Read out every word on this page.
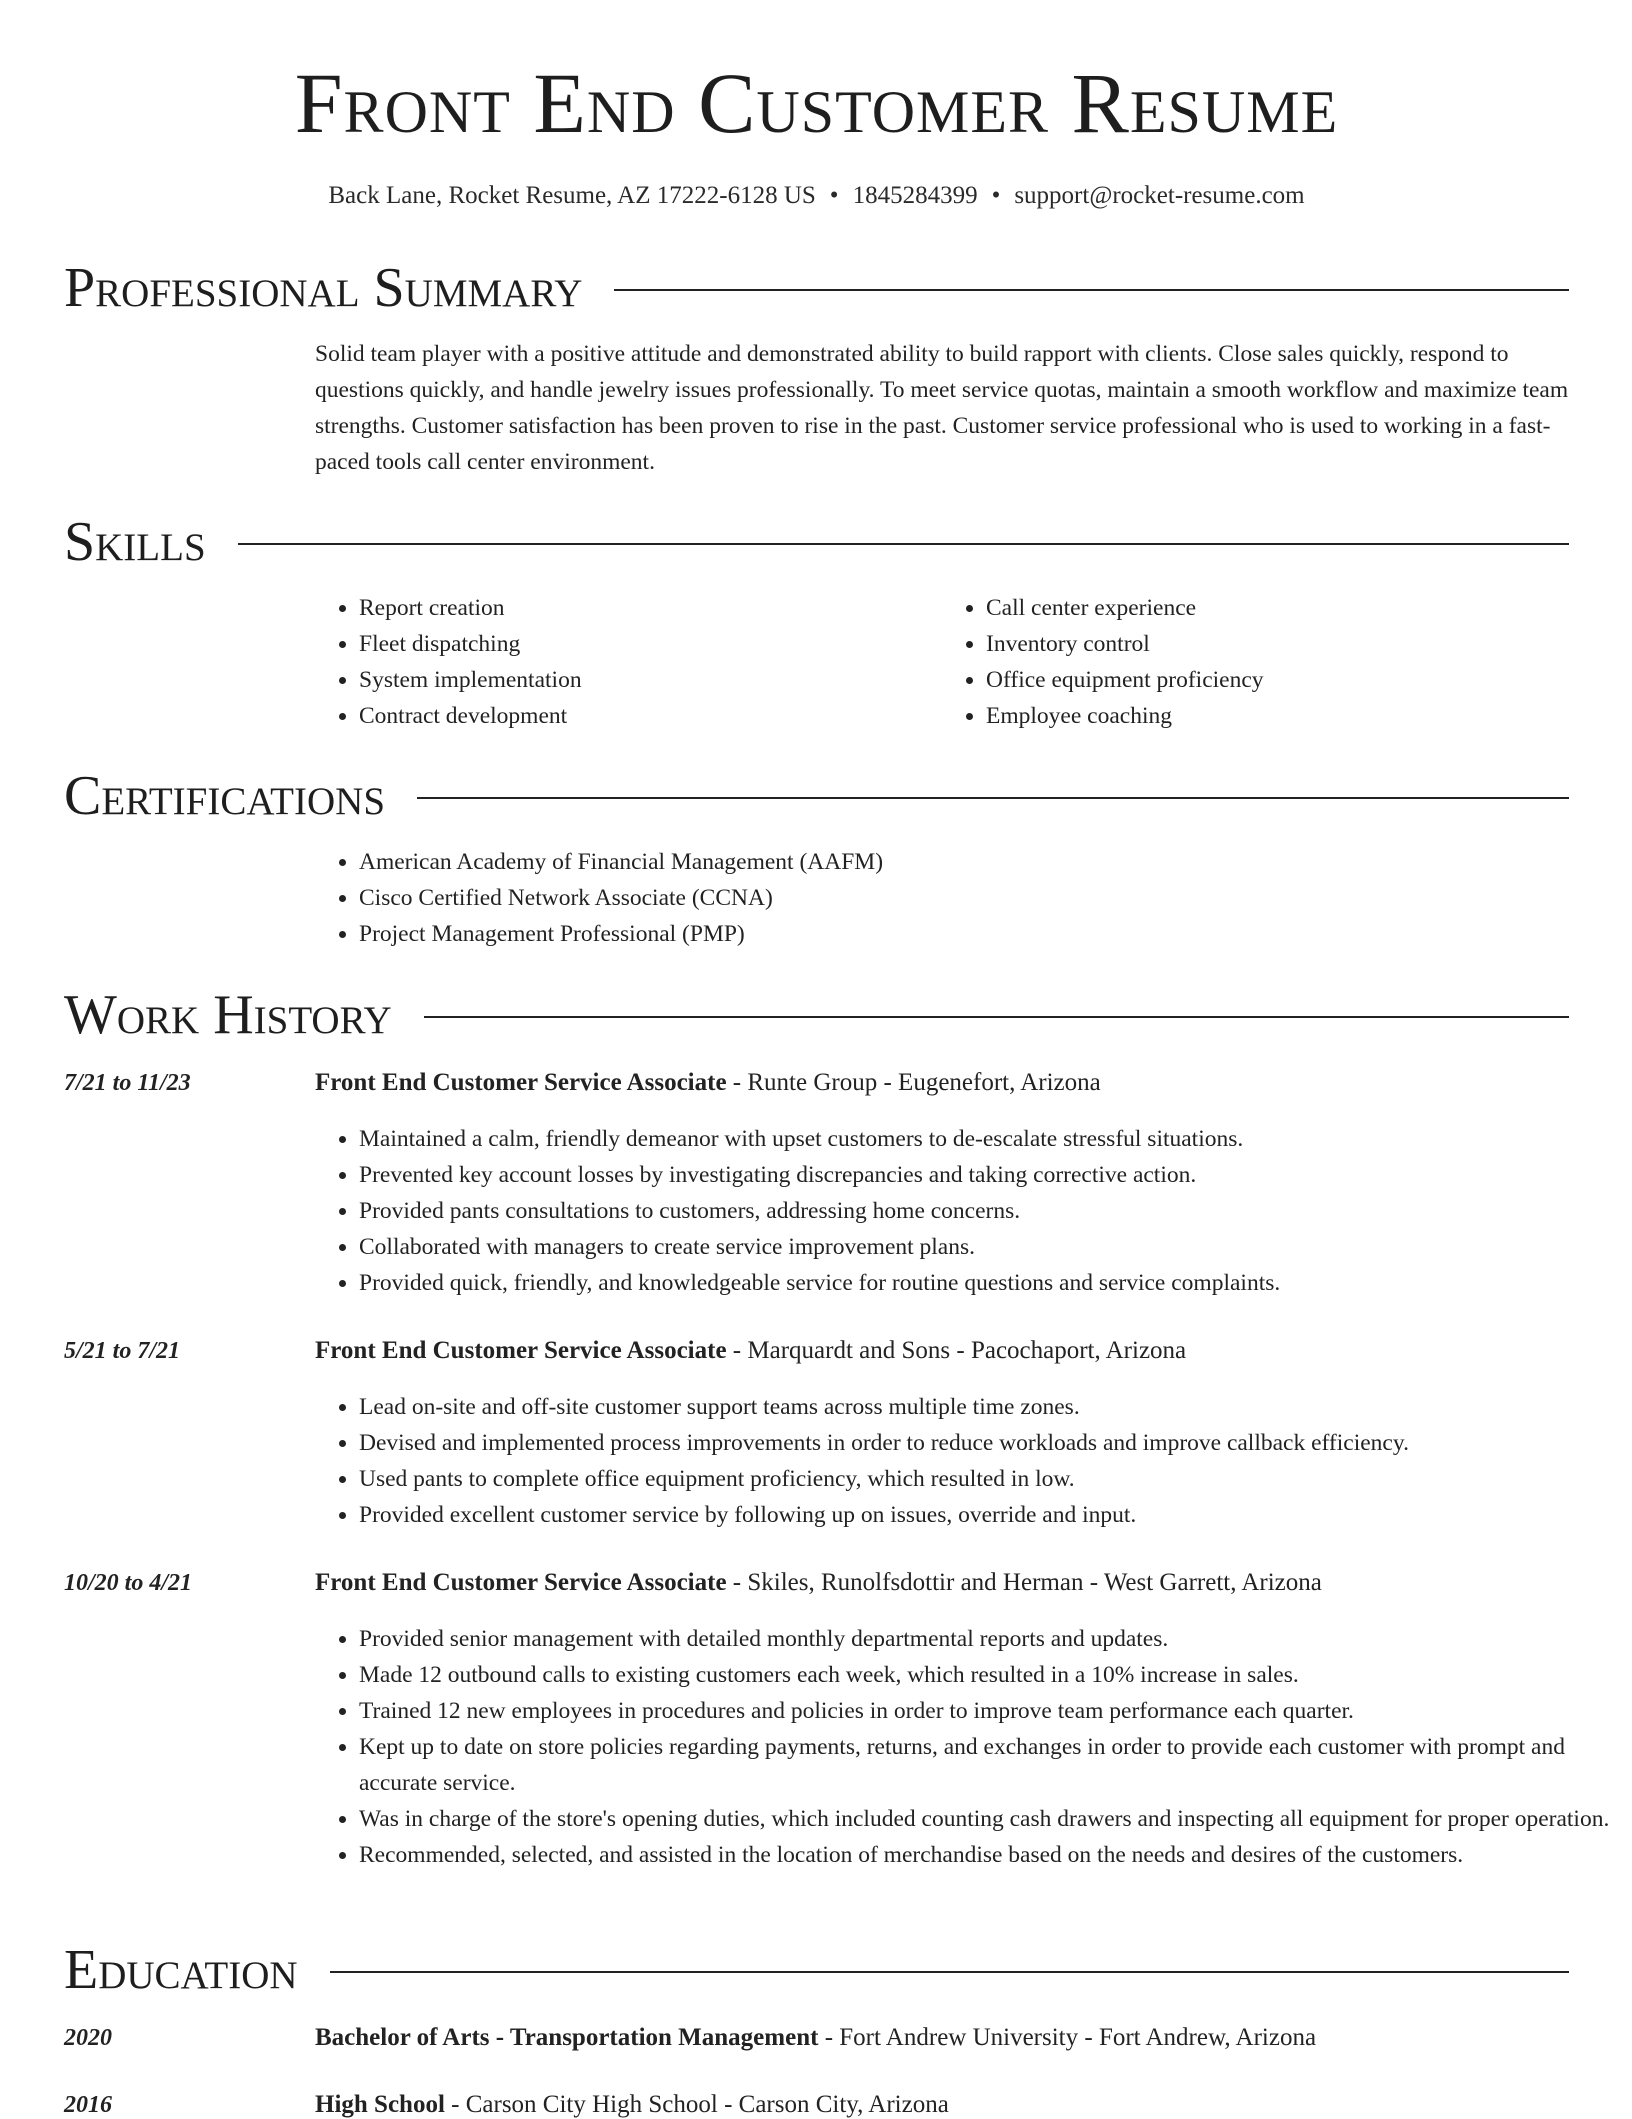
Front End Customer Resume
Back Lane, Rocket Resume, AZ 17222-6128 US • 1845284399 • support@rocket-resume.com
Professional Summary

Solid team player with a positive attitude and demonstrated ability to build rapport with clients. Close sales quickly, respond to questions quickly, and handle jewelry issues professionally. To meet service quotas, maintain a smooth workflow and maximize team strengths. Customer satisfaction has been proven to rise in the past. Customer service professional who is used to working in a fast-paced tools call center environment.

Skills
• Report creation
• Fleet dispatching
• System implementation
• Contract development
• Call center experience
• Inventory control
• Office equipment proficiency
• Employee coaching
Certifications
• American Academy of Financial Management (AAFM)
• Cisco Certified Network Associate (CCNA)
• Project Management Professional (PMP)
Work History
7/21 to 11/23	Front End Customer Service Associate - Runte Group - Eugenefort, Arizona
• Maintained a calm, friendly demeanor with upset customers to de-escalate stressful situations.
• Prevented key account losses by investigating discrepancies and taking corrective action.
• Provided pants consultations to customers, addressing home concerns.
• Collaborated with managers to create service improvement plans.
• Provided quick, friendly, and knowledgeable service for routine questions and service complaints.
5/21 to 7/21	Front End Customer Service Associate - Marquardt and Sons - Pacochaport, Arizona
• Lead on-site and off-site customer support teams across multiple time zones.
• Devised and implemented process improvements in order to reduce workloads and improve callback efficiency.
• Used pants to complete office equipment proficiency, which resulted in low.
• Provided excellent customer service by following up on issues, override and input.
10/20 to 4/21	Front End Customer Service Associate - Skiles, Runolfsdottir and Herman - West Garrett, Arizona
• Provided senior management with detailed monthly departmental reports and updates.
• Made 12 outbound calls to existing customers each week, which resulted in a 10% increase in sales.
• Trained 12 new employees in procedures and policies in order to improve team performance each quarter.
• Kept up to date on store policies regarding payments, returns, and exchanges in order to provide each customer with prompt and accurate service.
• Was in charge of the store's opening duties, which included counting cash drawers and inspecting all equipment for proper operation.
• Recommended, selected, and assisted in the location of merchandise based on the needs and desires of the customers.
Education
2020	Bachelor of Arts - Transportation Management - Fort Andrew University - Fort Andrew, Arizona
2016	High School - Carson City High School - Carson City, Arizona
